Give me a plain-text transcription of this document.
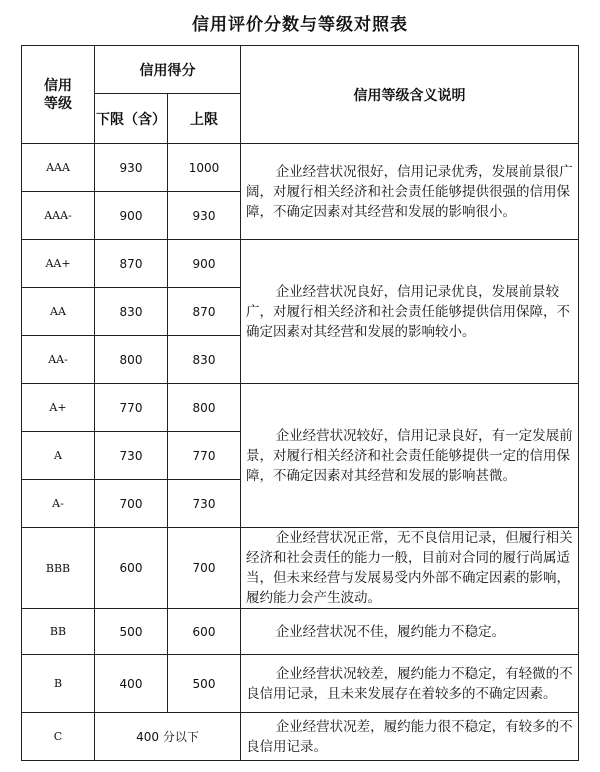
信用评价分数与等级对照表
信用
等级	信用得分		信用等级含义说明
	下限（含）	上限	
AAA	930	1000	企业经营状况很好，信用记录优秀，发展前景很广阔，对履行相关经济和社会责任能够提供很强的信用保障，不确定因素对其经营和发展的影响很小。

AAA-	900	930	
AA+	870	900	企业经营状况良好，信用记录优良，发展前景较广，对履行相关经济和社会责任能够提供信用保障，不确定因素对其经营和发展的影响较小。

AA	830	870	
AA-	800	830	
A+	770	800	企业经营状况较好，信用记录良好，有一定发展前景，对履行相关经济和社会责任能够提供一定的信用保障，不确定因素对其经营和发展的影响甚微。

A	730	770	
A-	700	730	
BBB	600	700	企业经营状况正常，无不良信用记录，但履行相关经济和社会责任的能力一般，目前对合同的履行尚属适当，但未来经营与发展易受内外部不确定因素的影响，履约能力会产生波动。

BB	500	600	企业经营状况不佳，履约能力不稳定。

B	400	500	企业经营状况较差，履约能力不稳定，有轻微的不良信用记录，且未来发展存在着较多的不确定因素。

C	400 分以下		企业经营状况差，履约能力很不稳定，有较多的不良信用记录。
